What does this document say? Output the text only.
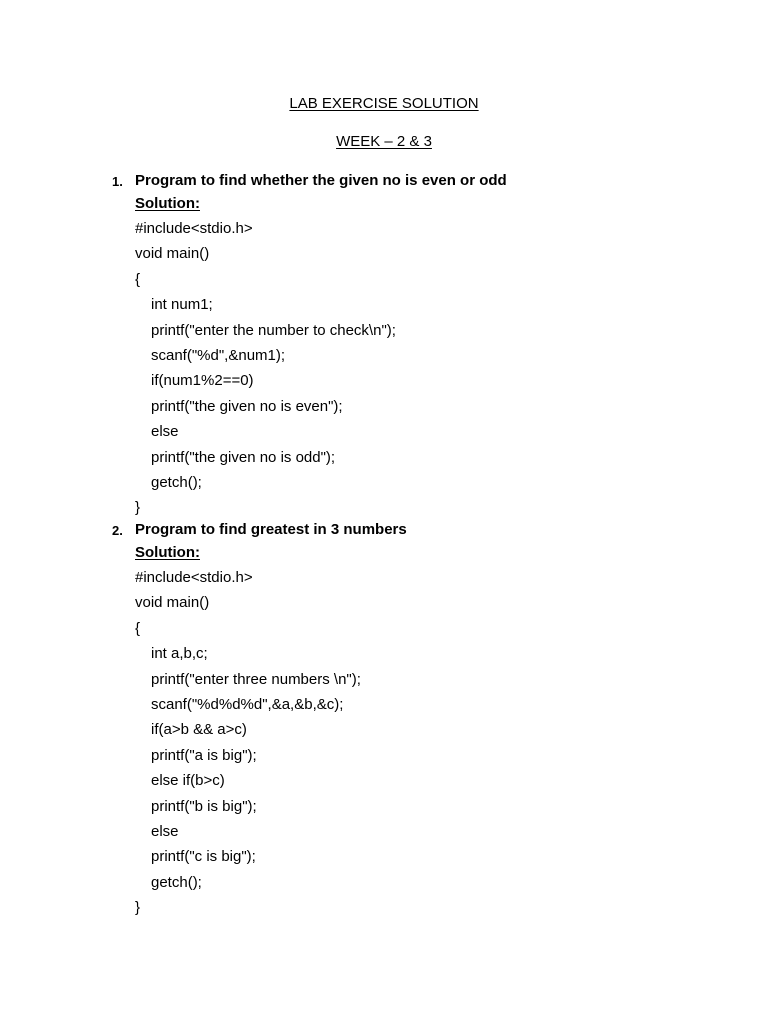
LAB EXERCISE SOLUTION
WEEK – 2 & 3
1. Program to find whether the given no is even or odd
Solution:
#include<stdio.h>
void main()
{
int num1;
printf("enter the number to check\n");
scanf("%d",&num1);
if(num1%2==0)
printf("the given no is even");
else
printf("the given no is odd");
getch();
}
2. Program to find greatest in 3 numbers
Solution:
#include<stdio.h>
void main()
{
int a,b,c;
printf("enter three numbers \n");
scanf("%d%d%d",&a,&b,&c);
if(a>b && a>c)
printf("a is big");
else if(b>c)
printf("b is big");
else
printf("c is big");
getch();
}
